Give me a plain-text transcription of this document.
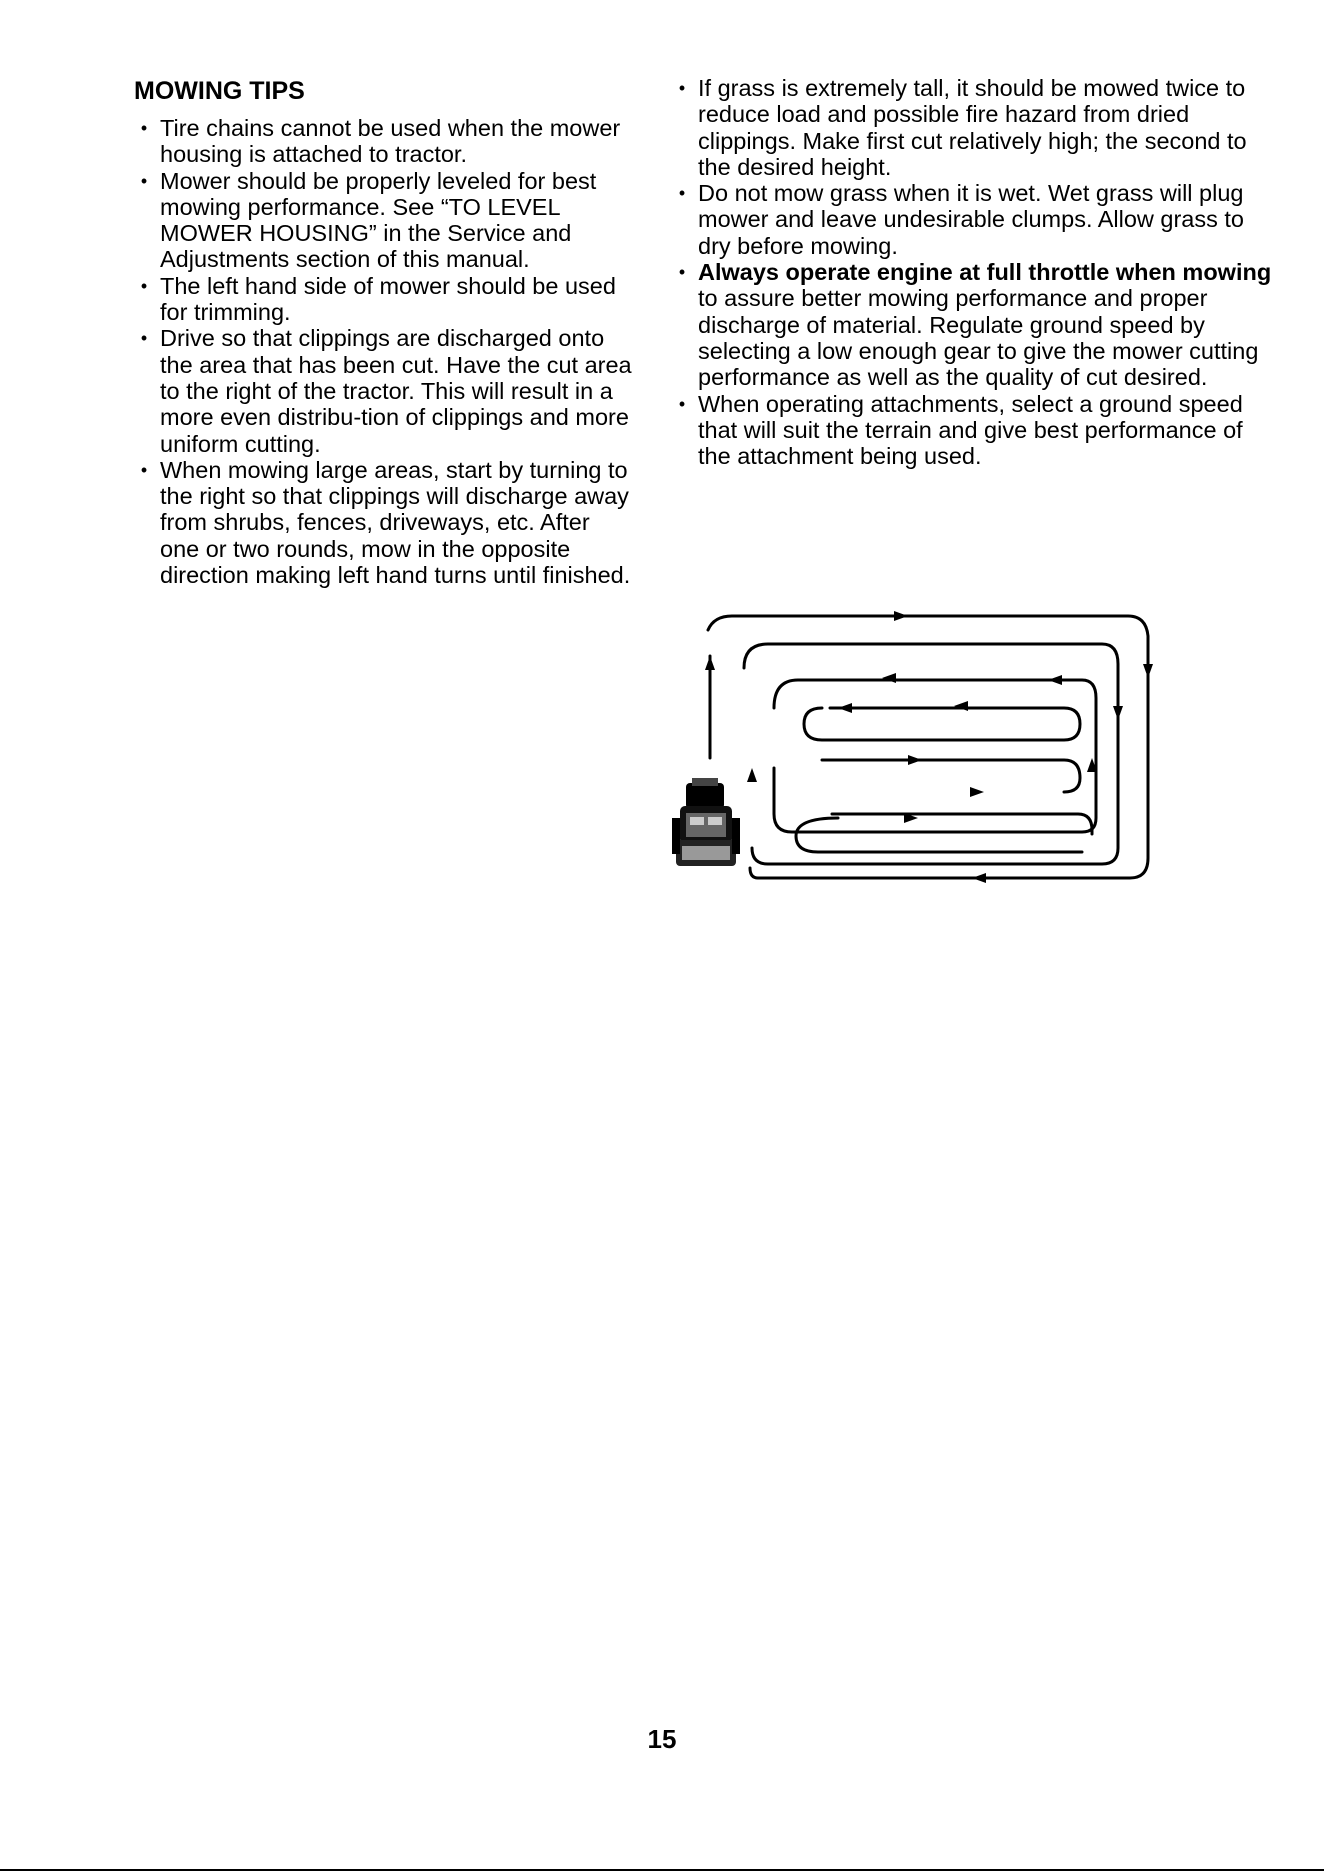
MOWING TIPS
• Tire chains cannot be used when the mower housing is attached to tractor.
• Mower should be properly leveled for best mowing performance. See “TO LEVEL MOWER HOUSING” in the Service and Adjustments section of this manual.
• The left hand side of mower should be used for trimming.
• Drive so that clippings are discharged onto the area that has been cut. Have the cut area to the right of the tractor. This will result in a more even distribu-tion of clippings and more uniform cutting.
• When mowing large areas, start by turning to the right so that clippings will discharge away from shrubs, fences, driveways, etc. After one or two rounds, mow in the opposite direction making left hand turns until finished.
• If grass is extremely tall, it should be mowed twice to reduce load and possible fire hazard from dried clippings. Make first cut relatively high; the second to the desired height.
• Do not mow grass when it is wet. Wet grass will plug mower and leave undesirable clumps. Allow grass to dry before mowing.
• Always operate engine at full throttle when mowing to assure better mowing performance and proper discharge of material. Regulate ground speed by selecting a low enough gear to give the mower cutting performance as well as the quality of cut desired.
• When operating attachments, select a ground speed that will suit the terrain and give best performance of the attachment being used.
15
